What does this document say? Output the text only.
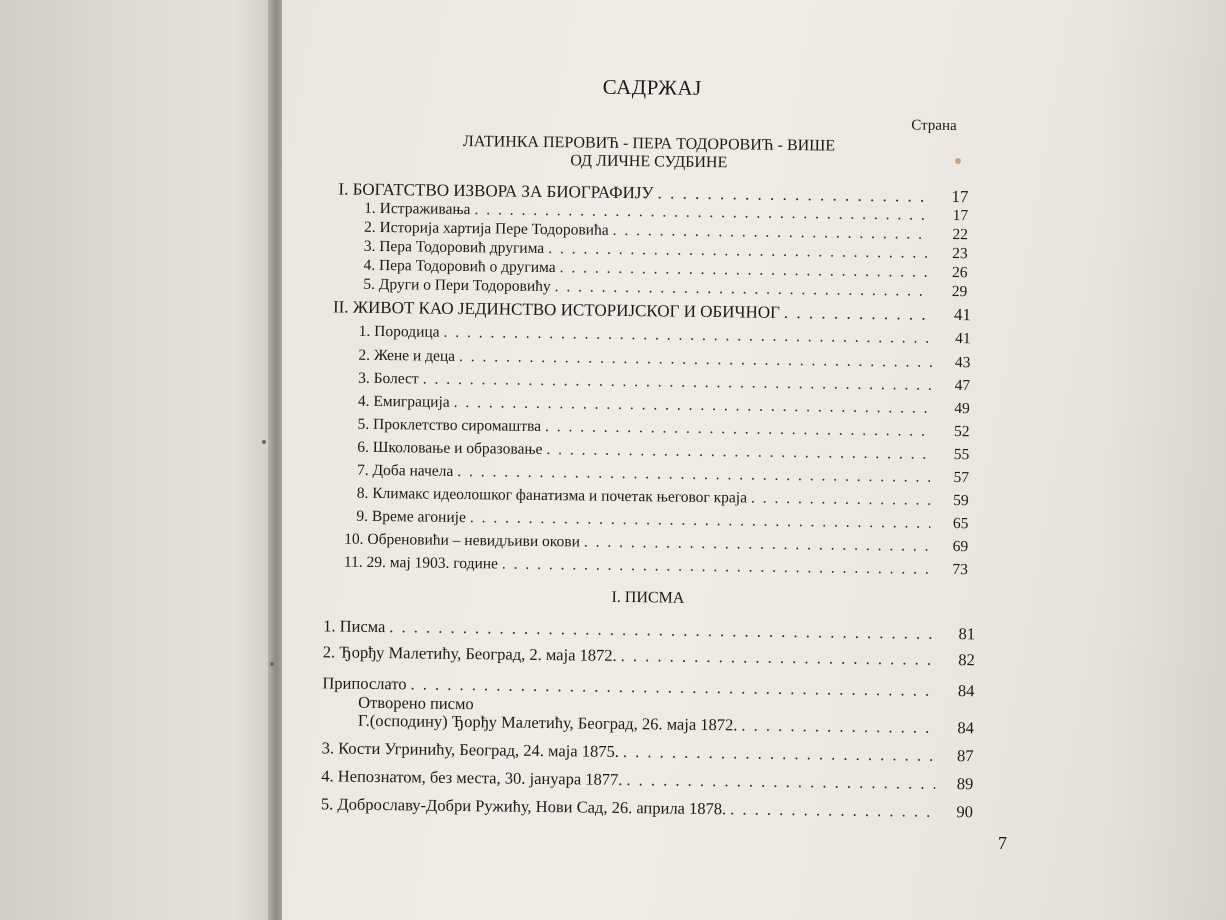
САДРЖАЈ
Страна
ЛАТИНКА ПЕРОВИЋ - ПЕРА ТОДОРОВИЋ - ВИШЕ
ОД ЛИЧНЕ СУДБИНЕ
I. БОГАТСТВО ИЗВОРА ЗА БИОГРАФИЈУ . . .	17
1. Истраживања . . .	17
2. Историја хартија Пере Тодоровића . . .	22
3. Пера Тодоровић другима . . .	23
4. Пера Тодоровић о другима . . .	26
5. Други о Пери Тодоровићу . . .	29
II. ЖИВОТ КАО ЈЕДИНСТВО ИСТОРИЈСКОГ И ОБИЧНОГ . . .	41
1. Породица . . .	41
2. Жене и деца . . .	43
3. Болест . . .	47
4. Емиграција . . .	49
5. Проклетство сиромаштва . . .	52
6. Школовање и образовање . . .	55
7. Доба начела . . .	57
8. Климакс идеолошког фанатизма и почетак његовог краја . . .	59
9. Време агоније . . .	65
10. Обреновићи – невидљиви окови . . .	69
11. 29. мај 1903. године . . .	73
I. ПИСМА
1. Писма . . .	81
2. Ђорђу Малетићу, Београд, 2. маја 1872. . . .	82
Припослато . . .	84
Отворено писмо
Г.(осподину) Ђорђу Малетићу, Београд, 26. маја 1872. . . .	84
3. Кости Угринићу, Београд, 24. маја 1875. . . .	87
4. Непознатом, без места, 30. јануара 1877. . . .	89
5. Доброславу-Добри Ружићу, Нови Сад, 26. априла 1878. . . .	90
7
